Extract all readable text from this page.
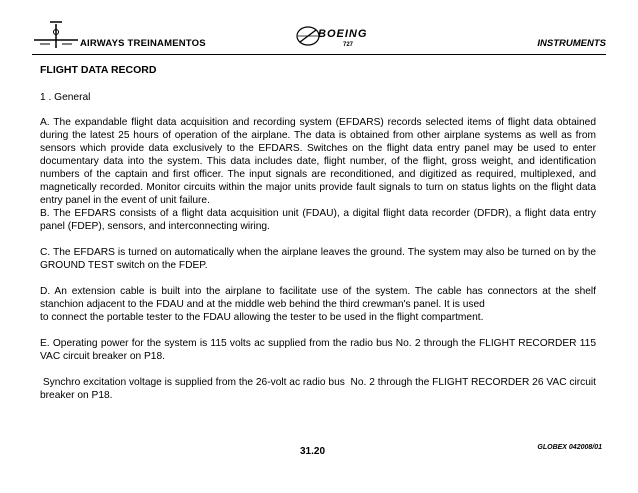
AIRWAYS TREINAMENTOS
BOEING
727	INSTRUMENTS
FLIGHT DATA RECORD
1 . General

A. The expandable flight data acquisition and recording system (EFDARS) records selected items of flight data obtained during the latest 25 hours of operation of the airplane. The data is obtained from other airplane systems as well as from sensors which provide data exclusively to the EFDARS. Switches on the flight data entry panel may be used to enter documentary data into the system. This data includes date, flight number, of the flight, gross weight, and identification numbers of the captain and first officer. The input signals are reconditioned, and digitized as required, multiplexed, and magnetically recorded. Monitor circuits within the major units provide fault signals to turn on status lights on the flight data entry panel in the event of unit failure.

B. The EFDARS consists of a flight data acquisition unit (FDAU), a digital flight data recorder (DFDR), a flight data entry panel (FDEP), sensors, and interconnecting wiring.

C. The EFDARS is turned on automatically when the airplane leaves the ground. The system may also be turned on by the GROUND TEST switch on the FDEP.

D. An extension cable is built into the airplane to facilitate use of the system. The cable has connectors at the shelf stanchion adjacent to the FDAU and at the middle web behind the third crewman's panel. It is used

to connect the portable tester to the FDAU allowing the tester to be used in the flight compartment.

E. Operating power for the system is 115 volts ac supplied from the radio bus No. 2 through the FLIGHT RECORDER 115 VAC circuit breaker on P18.

Synchro excitation voltage is supplied from the 26-volt ac radio bus  No. 2 through the FLIGHT RECORDER 26 VAC circuit breaker on P18.

31.20	GLOBEX 042008/01
